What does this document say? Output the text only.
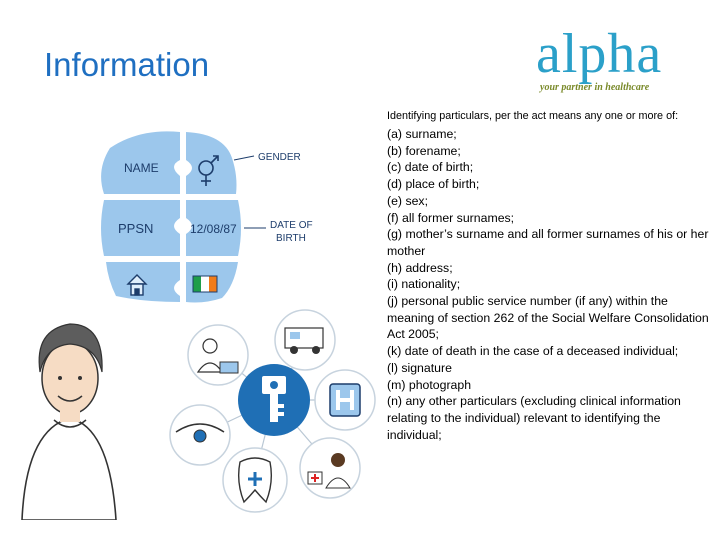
Information	alpha
your partner in healthcare
NAME
PPSN	12/08/87
GENDER
DATE OF
BIRTH
Identifying particulars, per the act means any one or more of:

(a) surname;

(b) forename;

(c) date of birth;

(d) place of birth;

(e) sex;

(f) all former surnames;

(g) mother’s surname and all former surnames of his or her mother

(h) address;

(i) nationality;

(j) personal public service number (if any) within the meaning of section 262 of the Social Welfare Consolidation Act 2005;

(k) date of death in the case of a deceased individual;

(l) signature

(m) photograph

(n) any other particulars (excluding clinical information relating to the individual) relevant to identifying the individual;
